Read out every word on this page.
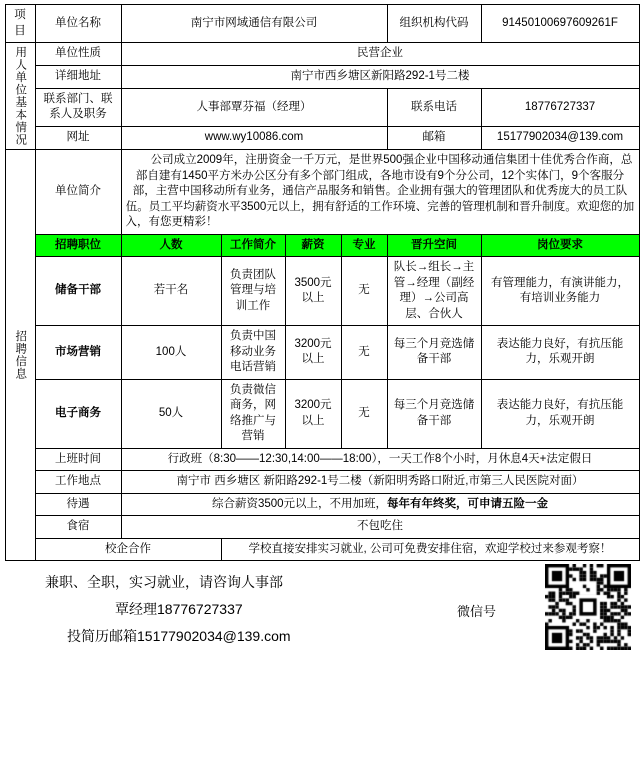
项目	单位名称	南宁市网域通信有限公司				组织机构代码	91450100697609261F

用人单位基本情况	单位性质	民营企业					
	详细地址	南宁市西乡塘区新阳路292-1号二楼					
	联系部门、联系人及职务	人事部覃芬福（经理）				联系电话	18776727337
	网址	www.wy10086.com				邮箱	15177902034@139.com

招聘信息	单位简介	公司成立2009年，注册资金一千万元，是世界500强企业中国移动通信集团十佳优秀合作商，总部自建有1450平方米办公区分有多个部门组成，各地市设有9个分公司，12个实体门，9个客服分部，主营中国移动所有业务，通信产品服务和销售。企业拥有强大的管理团队和优秀庞大的员工队伍。员工平均薪资水平3500元以上，拥有舒适的工作环境、完善的管理机制和晋升制度。欢迎您的加入，有您更精彩！					

	招聘职位	人数	工作简介	薪资	专业	晋升空间	岗位要求
	储备干部	若干名	负责团队管理与培训工作	3500元以上	无	队长→组长→主管→经理（副经理）→公司高层、合伙人	有管理能力，有演讲能力，有培训业务能力
	市场营销	100人	负责中国移动业务电话营销	3200元以上	无	每三个月竞选储备干部	表达能力良好，有抗压能力，乐观开朗
	电子商务	50人	负责微信商务，网络推广与营销	3200元以上	无	每三个月竞选储备干部	表达能力良好，有抗压能力，乐观开朗
	上班时间	行政班（8:30——12:30,14:00——18:00），一天工作8个小时，月休息4天+法定假日					
	工作地点	南宁市 西乡塘区 新阳路292-1号二楼（新阳明秀路口附近,市第三人民医院对面）					
	待遇	综合薪资3500元以上，不用加班，每年有年终奖，可申请五险一金					
	食宿	不包吃住					
	校企合作		学校直接安排实习就业, 公司可免费安排住宿，欢迎学校过来参观考察！				
兼职、全职，实习就业，请咨询人事部
覃经理18776727337
投简历邮箱15177902034@139.com
微信号
